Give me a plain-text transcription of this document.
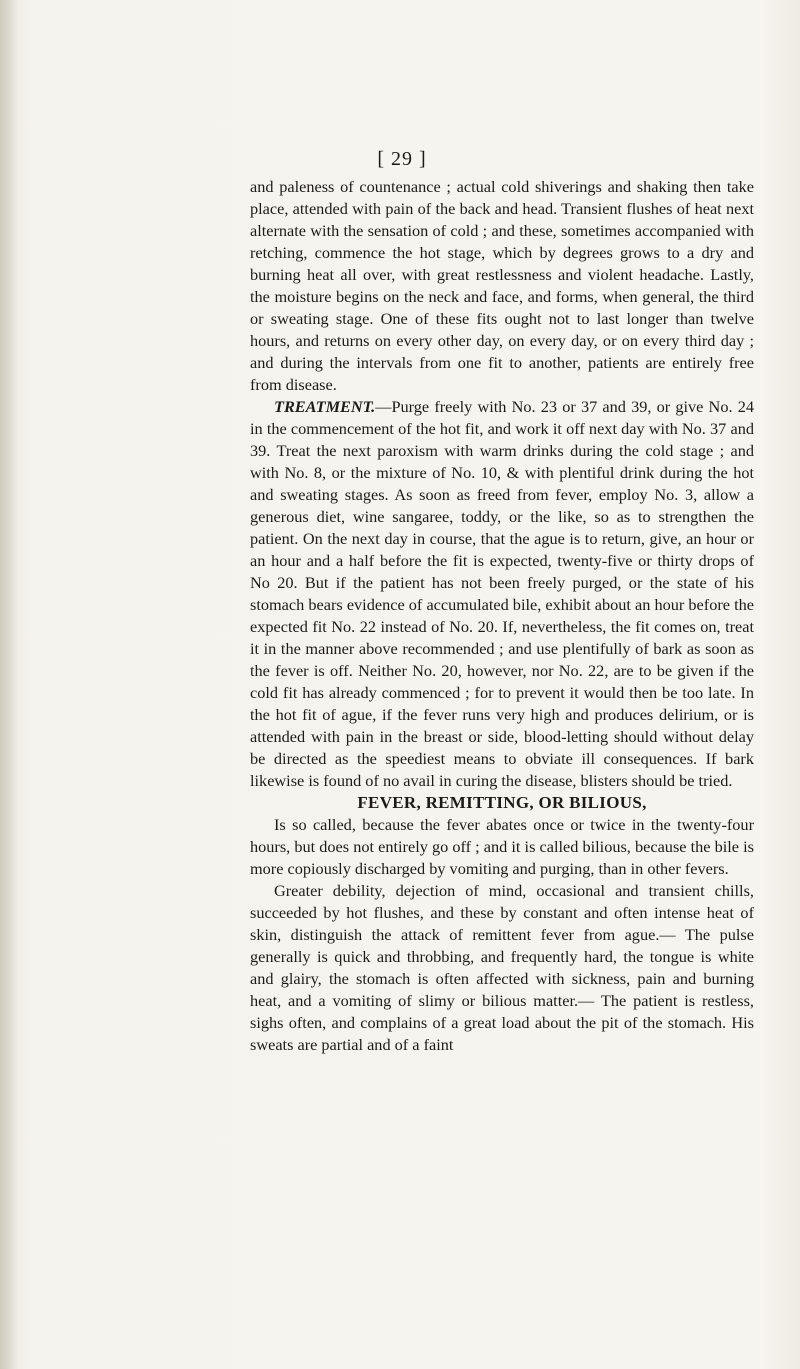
[ 29 ]

and paleness of countenance ; actual cold shiverings and shaking then take place, attended with pain of the back and head. Transient flushes of heat next alternate with the sensation of cold ; and these, sometimes accompanied with retching, commence the hot stage, which by degrees grows to a dry and burning heat all over, with great restlessness and violent headache. Lastly, the moisture begins on the neck and face, and forms, when general, the third or sweating stage. One of these fits ought not to last longer than twelve hours, and returns on every other day, on every day, or on every third day ; and during the intervals from one fit to another, patients are entirely free from disease.

TREATMENT.—Purge freely with No. 23 or 37 and 39, or give No. 24 in the commencement of the hot fit, and work it off next day with No. 37 and 39. Treat the next paroxism with warm drinks during the cold stage ; and with No. 8, or the mixture of No. 10, & with plentiful drink during the hot and sweating stages. As soon as freed from fever, employ No. 3, allow a generous diet, wine sangaree, toddy, or the like, so as to strengthen the patient. On the next day in course, that the ague is to return, give, an hour or an hour and a half before the fit is expected, twenty-five or thirty drops of No 20. But if the patient has not been freely purged, or the state of his stomach bears evidence of accumulated bile, exhibit about an hour before the expected fit No. 22 instead of No. 20. If, nevertheless, the fit comes on, treat it in the manner above recommended ; and use plentifully of bark as soon as the fever is off. Neither No. 20, however, nor No. 22, are to be given if the cold fit has already commenced ; for to prevent it would then be too late. In the hot fit of ague, if the fever runs very high and produces delirium, or is attended with pain in the breast or side, blood-letting should without delay be directed as the speediest means to obviate ill consequences. If bark likewise is found of no avail in curing the disease, blisters should be tried.

FEVER, REMITTING, OR BILIOUS,

Is so called, because the fever abates once or twice in the twenty-four hours, but does not entirely go off ; and it is called bilious, because the bile is more copiously discharged by vomiting and purging, than in other fevers.

Greater debility, dejection of mind, occasional and transient chills, succeeded by hot flushes, and these by constant and often intense heat of skin, distinguish the attack of remittent fever from ague.— The pulse generally is quick and throbbing, and frequently hard, the tongue is white and glairy, the stomach is often affected with sickness, pain and burning heat, and a vomiting of slimy or bilious matter.— The patient is restless, sighs often, and complains of a great load about the pit of the stomach. His sweats are partial and of a faint
